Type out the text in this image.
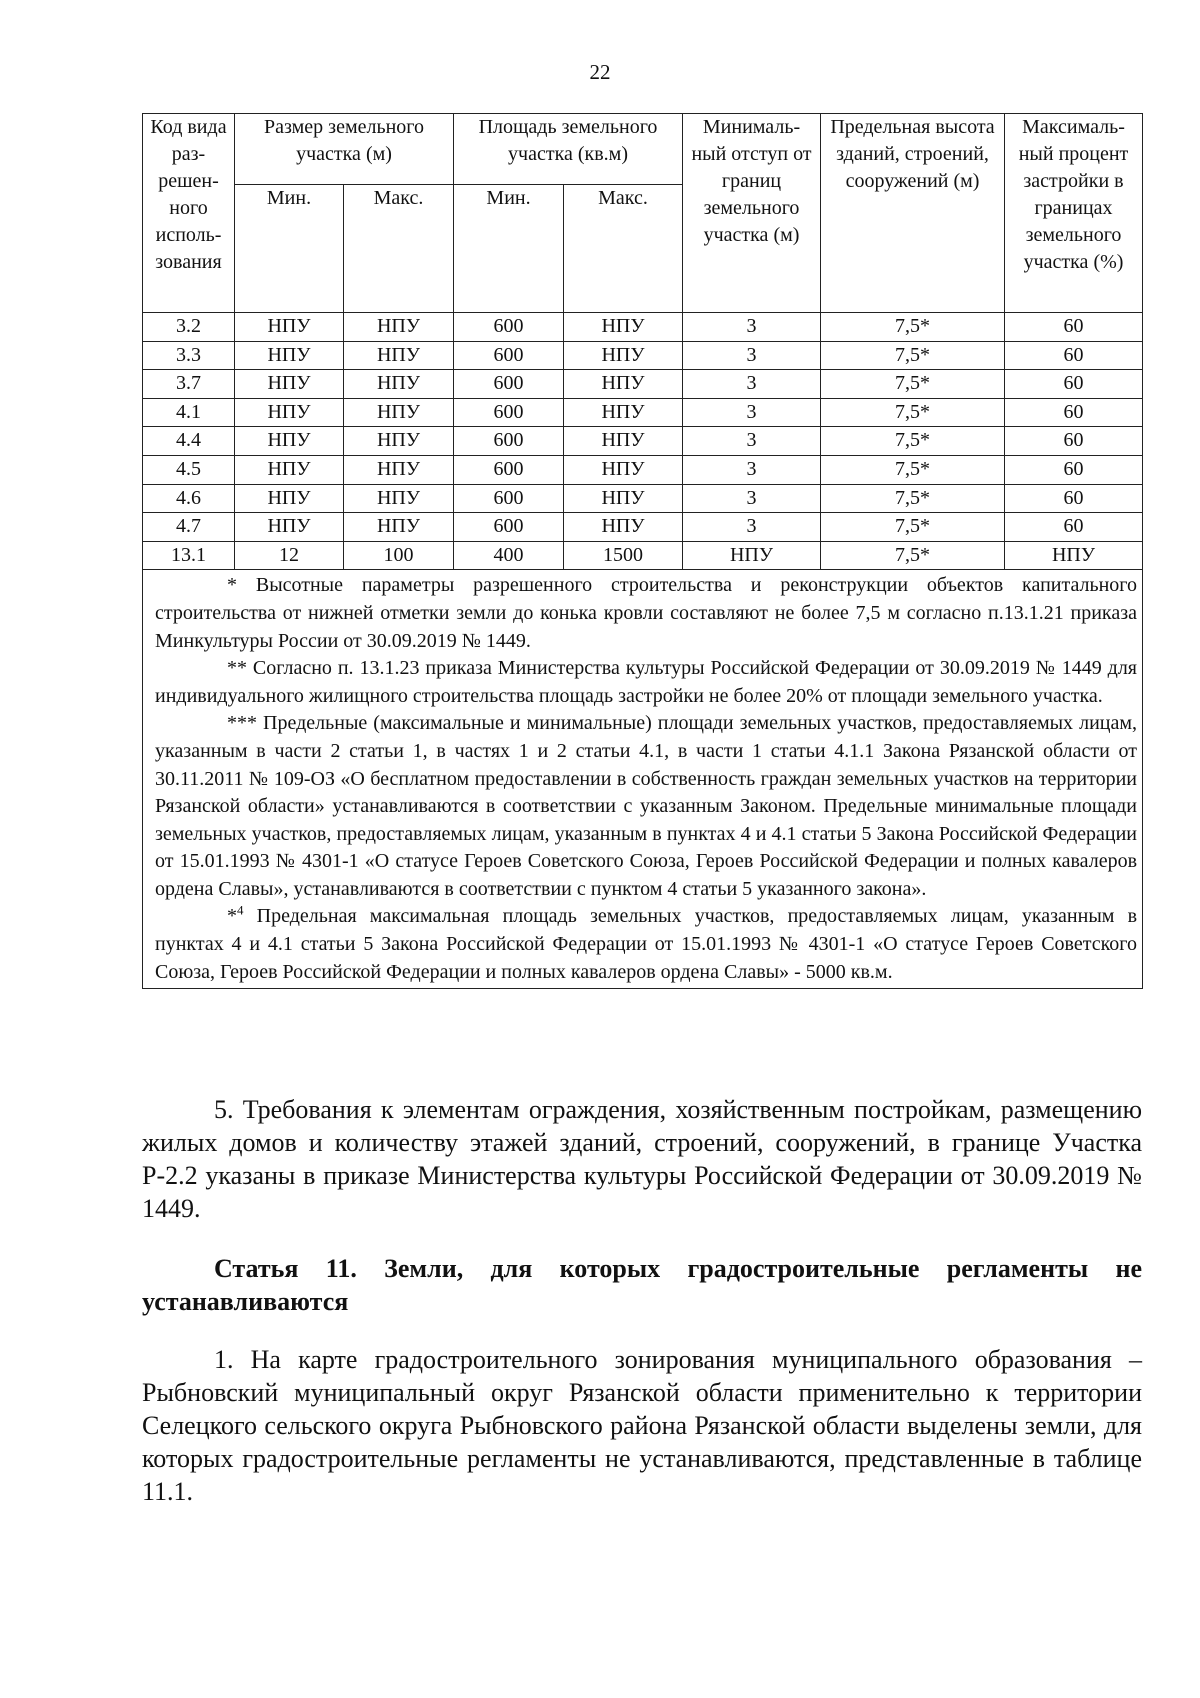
22
Код вида раз-решен-ного исполь-зования	Размер земельного участка (м)		Площадь земельного участка (кв.м)		Минималь-ный отступ от границ земельного участка (м)	Предельная высота зданий, строений, сооружений (м)	Максималь-ный процент застройки в границах земельного участка (%)
	Мин.	Макс.	Мин.	Макс.			
3.2	НПУ	НПУ	600	НПУ	3	7,5*	60
3.3	НПУ	НПУ	600	НПУ	3	7,5*	60
3.7	НПУ	НПУ	600	НПУ	3	7,5*	60
4.1	НПУ	НПУ	600	НПУ	3	7,5*	60
4.4	НПУ	НПУ	600	НПУ	3	7,5*	60
4.5	НПУ	НПУ	600	НПУ	3	7,5*	60
4.6	НПУ	НПУ	600	НПУ	3	7,5*	60
4.7	НПУ	НПУ	600	НПУ	3	7,5*	60
13.1	12	100	400	1500	НПУ	7,5*	НПУ

* Высотные параметры разрешенного строительства и реконструкции объектов капитального строительства от нижней отметки земли до конька кровли составляют не более 7,5 м согласно п.13.1.21 приказа Минкультуры России от 30.09.2019 № 1449.

** Согласно п. 13.1.23 приказа Министерства культуры Российской Федерации от 30.09.2019 № 1449 для индивидуального жилищного строительства площадь застройки не более 20% от площади земельного участка.

*** Предельные (максимальные и минимальные) площади земельных участков, предоставляемых лицам, указанным в части 2 статьи 1, в частях 1 и 2 статьи 4.1, в части 1 статьи 4.1.1 Закона Рязанской области от 30.11.2011 № 109-ОЗ «О бесплатном предоставлении в собственность граждан земельных участков на территории Рязанской области» устанавливаются в соответствии с указанным Законом. Предельные минимальные площади земельных участков, предоставляемых лицам, указанным в пунктах 4 и 4.1 статьи 5 Закона Российской Федерации от 15.01.1993 № 4301-1 «О статусе Героев Советского Союза, Героев Российской Федерации и полных кавалеров ордена Славы», устанавливаются в соответствии с пунктом 4 статьи 5 указанного закона».

*$^4$ Предельная максимальная площадь земельных участков, предоставляемых лицам, указанным в пунктах 4 и 4.1 статьи 5 Закона Российской Федерации от 15.01.1993 № 4301-1 «О статусе Героев Советского Союза, Героев Российской Федерации и полных кавалеров ордена Славы» - 5000 кв.м.							

5. Требования к элементам ограждения, хозяйственным постройкам, размещению жилых домов и количеству этажей зданий, строений, сооружений, в границе Участка Р-2.2 указаны в приказе Министерства культуры Российской Федерации от 30.09.2019 № 1449.

Статья 11. Земли, для которых градостроительные регламенты не устанавливаются

1. На карте градостроительного зонирования муниципального образования – Рыбновский муниципальный округ Рязанской области применительно к территории Селецкого сельского округа Рыбновского района Рязанской области выделены земли, для которых градостроительные регламенты не устанавливаются, представленные в таблице 11.1.
